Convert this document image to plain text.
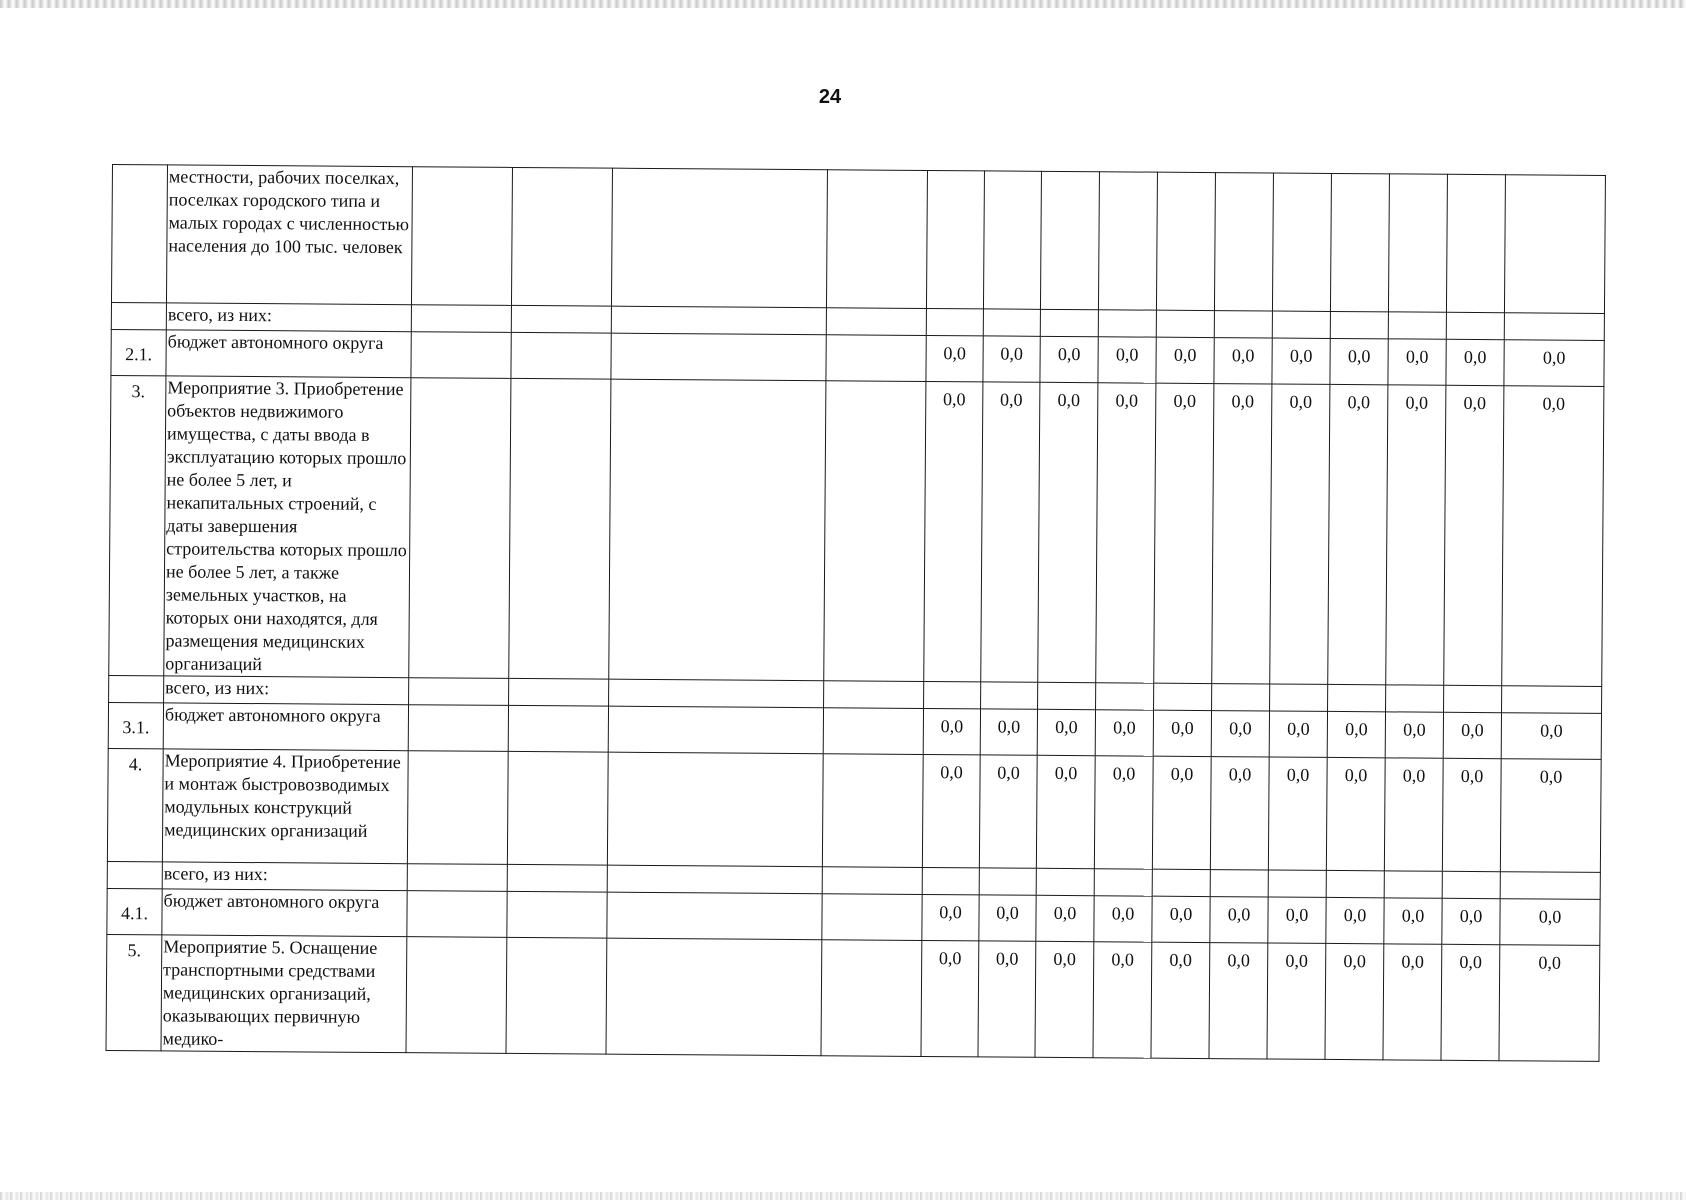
24
	местности, рабочих поселках, поселках городского типа и малых городах с численностью населения до 100 тыс. человек															
	всего, из них:															
2.1.	бюджет автономного округа					0,0	0,0	0,0	0,0	0,0	0,0	0,0	0,0	0,0	0,0	0,0
3.	Мероприятие 3. Приобретение объектов недвижимого имущества, с даты ввода в эксплуатацию которых прошло не более 5 лет, и некапитальных строений, с даты завершения строительства которых прошло не более 5 лет, а также земельных участков, на которых они находятся, для размещения медицинских организаций					0,0	0,0	0,0	0,0	0,0	0,0	0,0	0,0	0,0	0,0	0,0
	всего, из них:															
3.1.	бюджет автономного округа					0,0	0,0	0,0	0,0	0,0	0,0	0,0	0,0	0,0	0,0	0,0
4.	Мероприятие 4. Приобретение и монтаж быстровозводимых модульных конструкций медицинских организаций					0,0	0,0	0,0	0,0	0,0	0,0	0,0	0,0	0,0	0,0	0,0
	всего, из них:															
4.1.	бюджет автономного округа					0,0	0,0	0,0	0,0	0,0	0,0	0,0	0,0	0,0	0,0	0,0
5.	Мероприятие 5. Оснащение транспортными средствами медицинских организаций, оказывающих первичную медико-					0,0	0,0	0,0	0,0	0,0	0,0	0,0	0,0	0,0	0,0	0,0
